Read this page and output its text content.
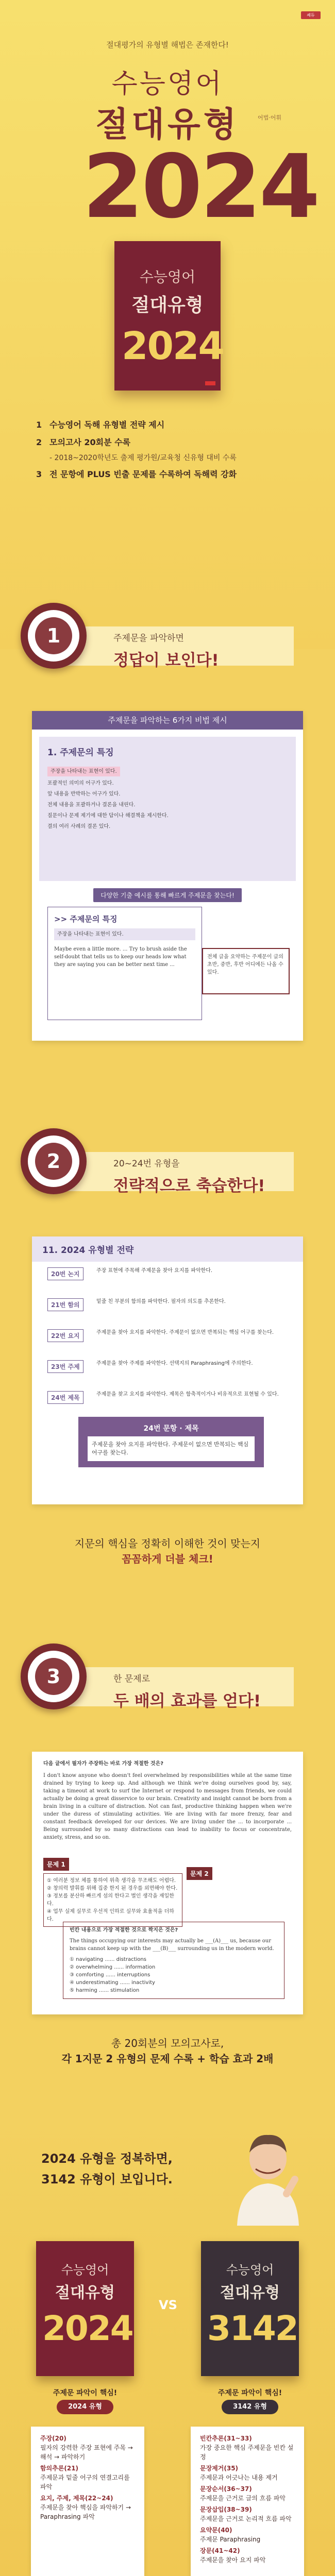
쎄듀
절대평가의 유형별 해법은 존재한다!
수능영어
절대유형	어법·어휘
2024
수능영어
절대유형
2024
1 수능영어 독해 유형별 전략 제시
2 모의고사 20회분 수록
- 2018~2020학년도 출제 평가원/교육청 신유형 대비 수록
3 전 문항에 PLUS 빈출 문제를 수록하여 독해력 강화
1	주제문을 파악하면
정답이 보인다!
주제문을 파악하는 6가지 비법 제시
1. 주제문의 특징
주장을 나타내는 표현이 있다.
포괄적인 의미의 어구가 있다.
앞 내용을 반박하는 어구가 있다.
전체 내용을 포괄하거나 결론을 내린다.
질문이나 문제 제기에 대한 답이나 해결책을 제시한다.
결의 여러 사례의 결론 있다.
다양한 기출 예시를 통해 빠르게 주제문을 찾는다!
>> 주제문의 특징
주장을 나타내는 표현이 있다.
Maybe even a little more. ... Try to brush aside the self-doubt that tells us to keep our heads low what they are saying you can be better next time ...
전체 글을 요약하는 주제문이 글의 초반, 중반, 후반 어디에든 나올 수 있다.
2	20~24번 유형을
전략적으로 축습한다!
11. 2024 유형별 전략
20번 논지	주장 표현에 주목해 주제문을 찾아 요지를 파악한다.
21번 함의	밑줄 친 부분의 함의를 파악한다. 필자의 의도를 추론한다.
22번 요지	주제문을 찾아 요지를 파악한다. 주제문이 없으면 반복되는 핵심 어구를 찾는다.
23번 주제	주제문을 찾아 주제를 파악한다. 선택지의 Paraphrasing에 주의한다.
24번 제목	주제문을 찾고 요지를 파악한다. 제목은 함축적이거나 비유적으로 표현될 수 있다.
24번 문항 · 제목
주제문을 찾아 요지를 파악한다. 주제문이 없으면 반복되는 핵심 어구를 찾는다.
지문의 핵심을 정확히 이해한 것이 맞는지
꼼꼼하게 더블 체크!
3	한 문제로
두 배의 효과를 얻다!
다음 글에서 필자가 주장하는 바로 가장 적절한 것은?
I don't know anyone who doesn't feel overwhelmed by responsibilities while at the same time drained by trying to keep up. And although we think we're doing ourselves good by, say, taking a timeout at work to surf the Internet or respond to messages from friends, we could actually be doing a great disservice to our brain. Creativity and insight cannot be born from a brain living in a culture of distraction. Not can fast, productive thinking happen when we're under the duress of stimulating activities. We are living with far more frenzy, fear and constant feedback developed for our devices. We are living under the ... to incorporate ... Being surrounded by so many distractions can lead to inability to focus or concentrate, anxiety, stress, and so on.
문제 1
① 여러분 정보 체를 통하여 위축 생각을 무조해도 어렵다.
② 창의력 발휘를 위해 집중 한지 된 경우를 외면해야 한다.
③ 정보를 분산하 빠르게 섬의 한다고 벌인 생각을 재일한다.
④ 업무 실제 실무로 우선적 인하로 실무와 효율적을 더하다.
문제 2
빈칸 내용으로 가장 적절한 것으로 짝지은 것은?
The things occupying our interests may actually be ___(A)___ us, because our brains cannot keep up with the ___(B)___ surrounding us in the modern world.
① navigating ...... distractions
② overwhelming ...... information
③ comforting ...... interruptions
④ underestimating ...... inactivity
⑤ harming ...... stimulation
총 20회분의 모의고사로,
각 1지문 2 유형의 문제 수록 + 학습 효과 2배
2024 유형을 정복하면,
3142 유형이 보입니다.
수능영어
절대유형
2024
VS
수능영어
절대유형
3142
주제문 파악이 핵심!
2024 유형
주제문 파악이 핵심!
3142 유형
주장(20)
필자의 강력한 주장 표현에 주목 → 해석 → 파악하기
함의추론(21)
주제문과 밑줄 어구의 연결고리를 파악
요지, 주제, 제목(22~24)
주제문을 찾아 핵심을 파악하기 → Paraphrasing 파악
빈칸추론(31~33)
가장 중요한 핵심 주제문을 빈칸 설정
문장제거(35)
주제문과 어긋나는 내용 제거
문장순서(36~37)
주제문을 근거로 글의 흐름 파악
문장삽입(38~39)
주제문을 근거로 논리적 흐름 파악
요약문(40)
주제문 Paraphrasing
장문(41~42)
주제문을 찾아 요지 파악
